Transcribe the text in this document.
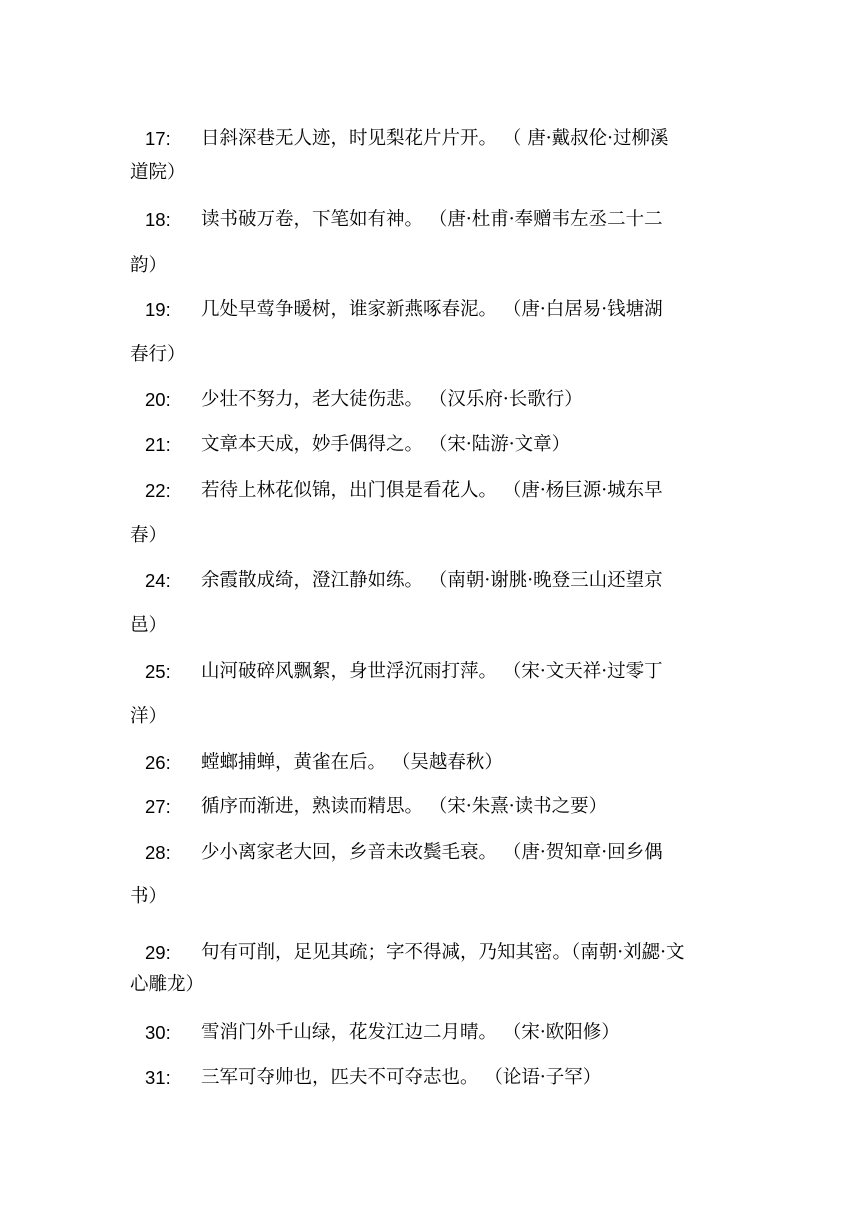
17: 日斜深巷无人迹，时见梨花片片开。 （ 唐·戴叔伦·过柳溪
道院）
18: 读书破万卷，下笔如有神。 （唐·杜甫·奉赠韦左丞二十二
韵）
19: 几处早莺争暖树，谁家新燕啄春泥。 （唐·白居易·钱塘湖
春行）
20: 少壮不努力，老大徒伤悲。 （汉乐府·长歌行）
21: 文章本天成，妙手偶得之。 （宋·陆游·文章）
22: 若待上林花似锦，出门俱是看花人。 （唐·杨巨源·城东早
春）
24: 余霞散成绮，澄江静如练。 （南朝·谢朓·晚登三山还望京
邑）
25: 山河破碎风飘絮，身世浮沉雨打萍。 （宋·文天祥·过零丁
洋）
26: 螳螂捕蝉，黄雀在后。 （吴越春秋）
27: 循序而渐进，熟读而精思。 （宋·朱熹·读书之要）
28: 少小离家老大回，乡音未改鬓毛衰。 （唐·贺知章·回乡偶
书）
29: 句有可削，足见其疏；字不得减，乃知其密。（南朝·刘勰·文
心雕龙）
30: 雪消门外千山绿，花发江边二月晴。 （宋·欧阳修）
31: 三军可夺帅也，匹夫不可夺志也。 （论语·子罕）
